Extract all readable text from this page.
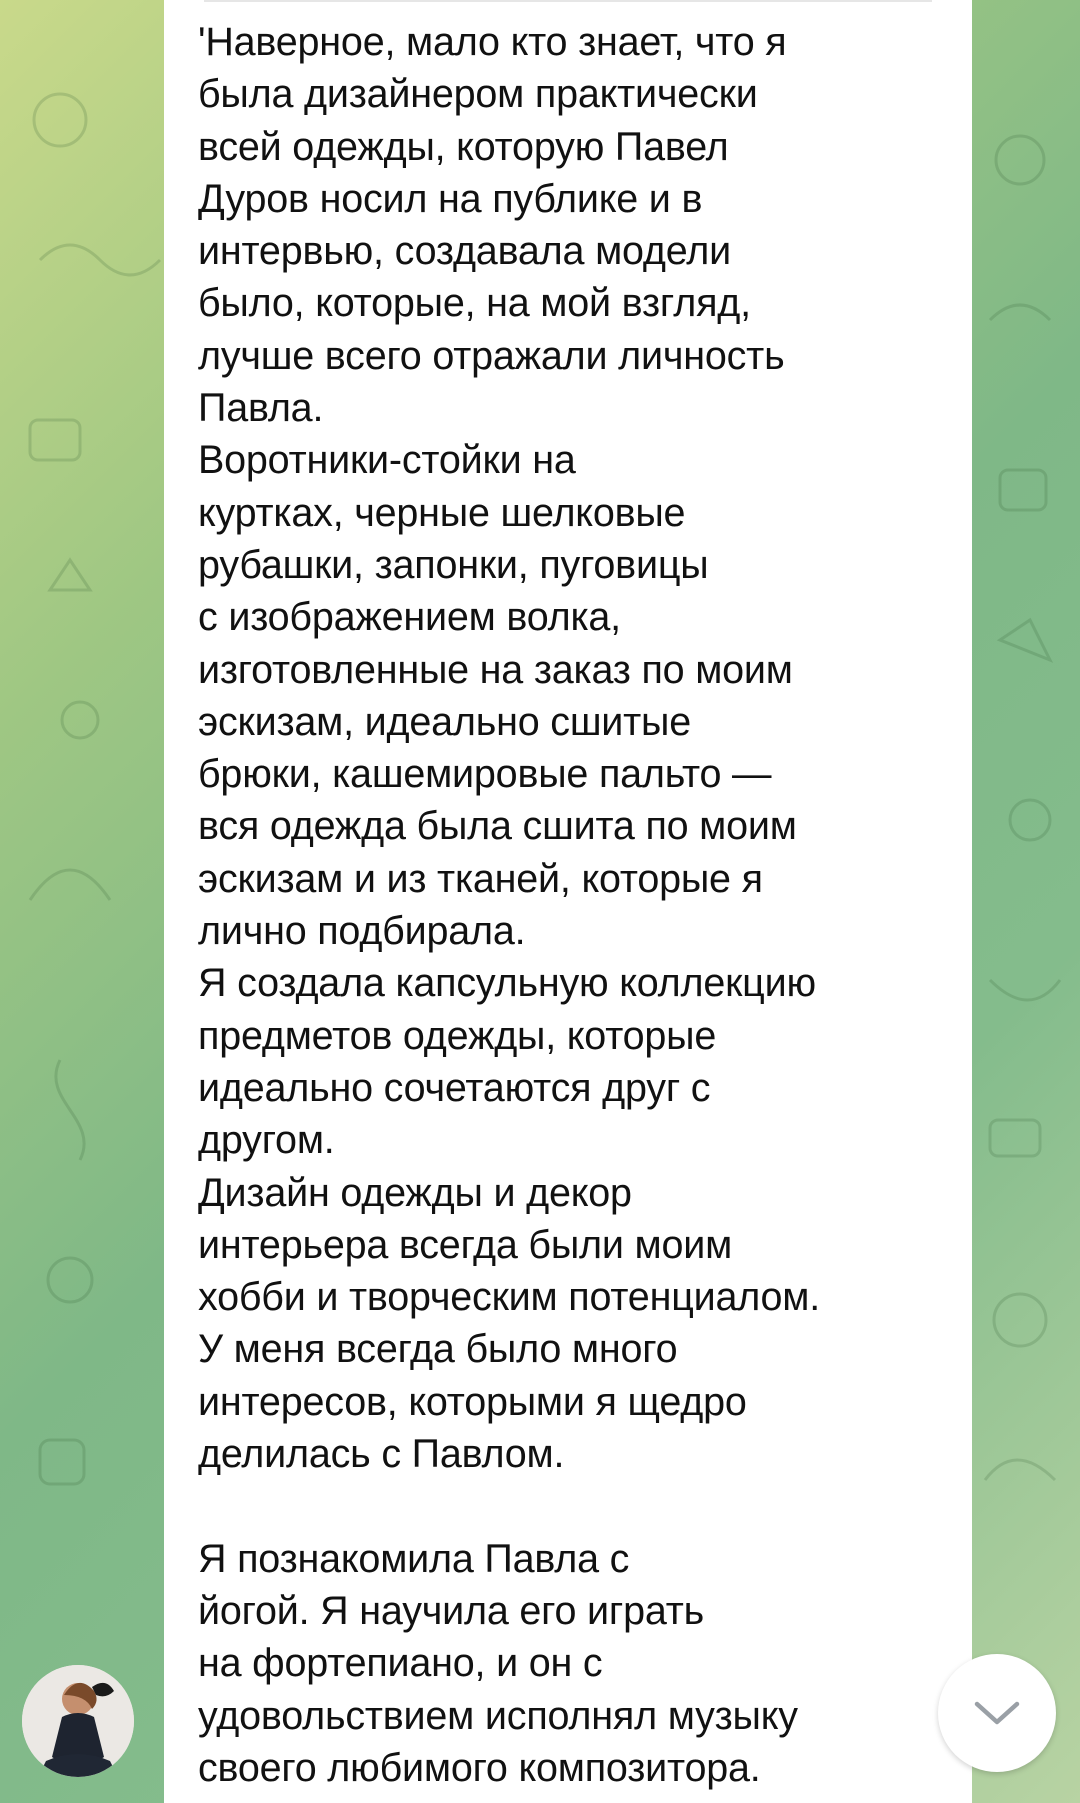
'Наверное, мало кто знает, что я
была дизайнером практически
всей одежды, которую Павел
Дуров носил на публике и в
интервью, создавала модели
было, которые, на мой взгляд,
лучше всего отражали личность
Павла.
Воротники-стойки на
куртках, черные шелковые
рубашки, запонки, пуговицы
с изображением волка,
изготовленные на заказ по моим
эскизам, идеально сшитые
брюки, кашемировые пальто —
вся одежда была сшита по моим
эскизам и из тканей, которые я
лично подбирала.
Я создала капсульную коллекцию
предметов одежды, которые
идеально сочетаются друг с
другом.
Дизайн одежды и декор
интерьера всегда были моим
хобби и творческим потенциалом.
У меня всегда было много
интересов, которыми я щедро
делилась с Павлом.
Я познакомила Павла с
йогой. Я научила его играть
на фортепиано, и он с
удовольствием исполнял музыку
своего любимого композитора.
